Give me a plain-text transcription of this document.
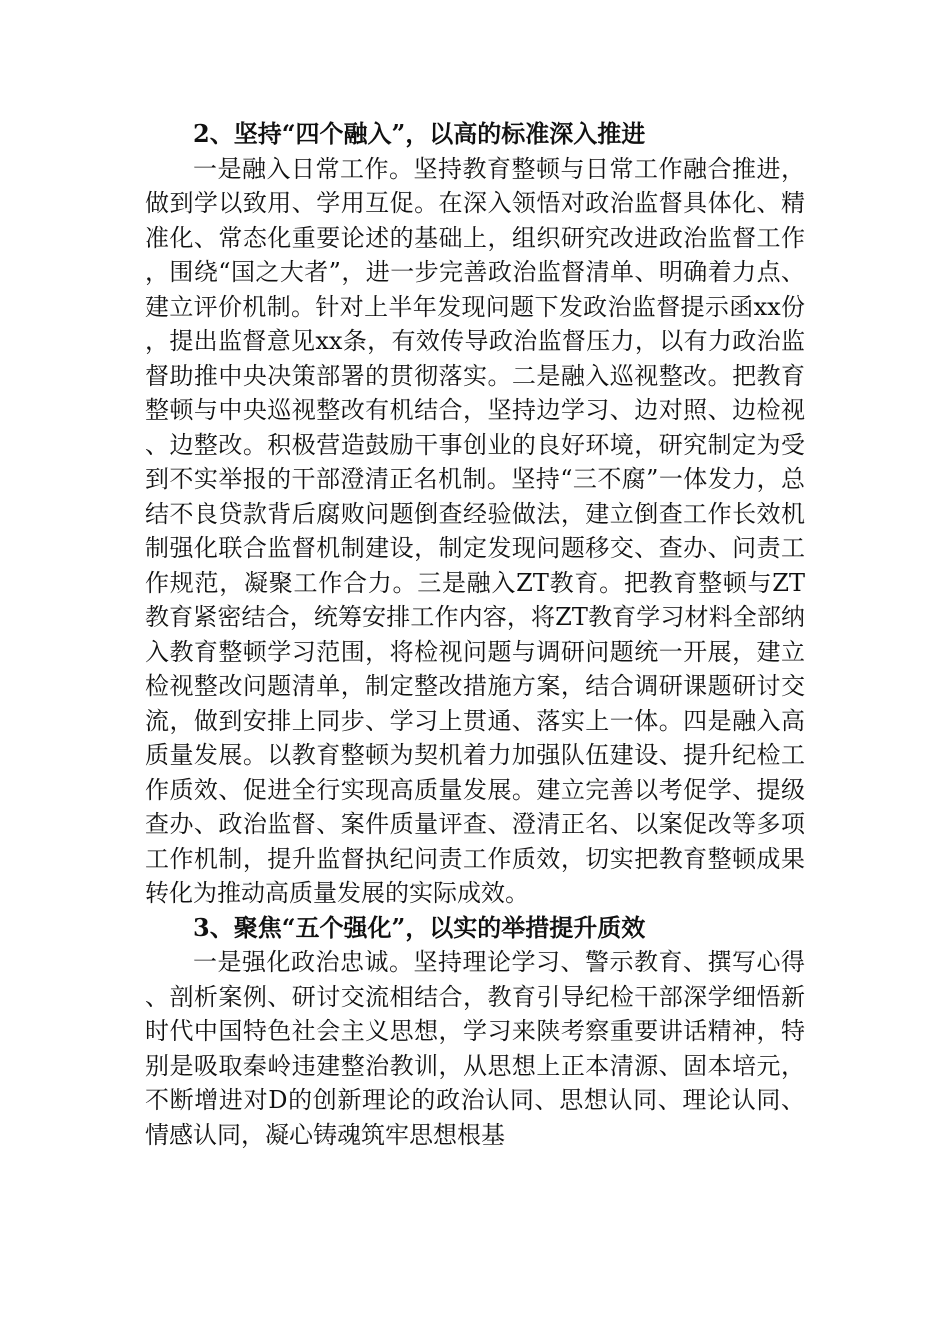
2、坚持“四个融入”，以高的标准深入推进

一是融入日常工作。坚持教育整顿与日常工作融合推进，做到学以致用、学用互促。在深入领悟对政治监督具体化、精准化、常态化重要论述的基础上，组织研究改进政治监督工作，围绕“国之大者”，进一步完善政治监督清单、明确着力点、建立评价机制。针对上半年发现问题下发政治监督提示函xx份，提出监督意见xx条，有效传导政治监督压力，以有力政治监督助推中央决策部署的贯彻落实。二是融入巡视整改。把教育整顿与中央巡视整改有机结合，坚持边学习、边对照、边检视、边整改。积极营造鼓励干事创业的良好环境，研究制定为受到不实举报的干部澄清正名机制。坚持“三不腐”一体发力，总结不良贷款背后腐败问题倒查经验做法，建立倒查工作长效机制强化联合监督机制建设，制定发现问题移交、查办、问责工作规范，凝聚工作合力。三是融入ZT教育。把教育整顿与ZT教育紧密结合，统筹安排工作内容，将ZT教育学习材料全部纳入教育整顿学习范围，将检视问题与调研问题统一开展，建立检视整改问题清单，制定整改措施方案，结合调研课题研讨交流，做到安排上同步、学习上贯通、落实上一体。四是融入高质量发展。以教育整顿为契机着力加强队伍建设、提升纪检工作质效、促进全行实现高质量发展。建立完善以考促学、提级查办、政治监督、案件质量评查、澄清正名、以案促改等多项工作机制，提升监督执纪问责工作质效，切实把教育整顿成果转化为推动高质量发展的实际成效。

3、聚焦“五个强化”，以实的举措提升质效

一是强化政治忠诚。坚持理论学习、警示教育、撰写心得、剖析案例、研讨交流相结合，教育引导纪检干部深学细悟新时代中国特色社会主义思想，学习来陕考察重要讲话精神，特别是吸取秦岭违建整治教训，从思想上正本清源、固本培元，不断增进对D的创新理论的政治认同、思想认同、理论认同、情感认同，凝心铸魂筑牢思想根基
